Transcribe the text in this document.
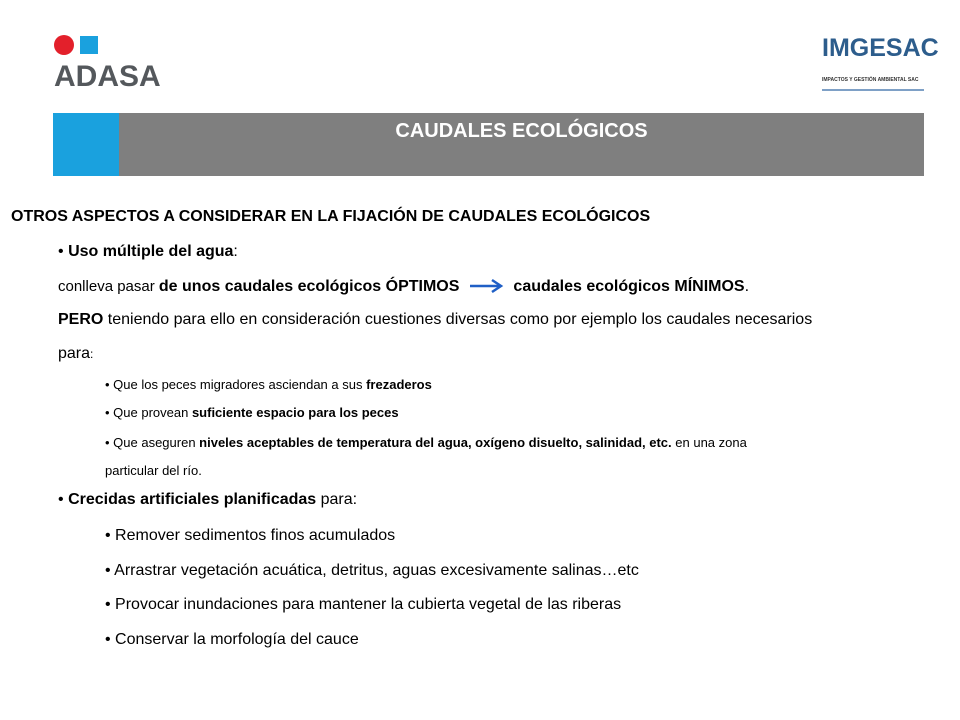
ADASA
IMGESAC
IMPACTOS Y GESTIÓN AMBIENTAL SAC
CAUDALES ECOLÓGICOS
OTROS ASPECTOS A CONSIDERAR EN LA FIJACIÓN DE CAUDALES ECOLÓGICOS
• Uso múltiple del agua:
conlleva pasar de unos caudales ecológicos ÓPTIMOS	caudales ecológicos MÍNIMOS.
PERO teniendo para ello en consideración cuestiones diversas como por ejemplo los caudales necesarios
para:
• Que los peces migradores asciendan a sus frezaderos
• Que provean suficiente espacio para los peces
• Que aseguren niveles aceptables de temperatura del agua, oxígeno disuelto, salinidad, etc. en una zona
particular del río.
• Crecidas artificiales planificadas para:
• Remover sedimentos finos acumulados
• Arrastrar vegetación acuática, detritus, aguas excesivamente salinas…etc
• Provocar inundaciones para mantener la cubierta vegetal de las riberas
• Conservar la morfología del cauce
